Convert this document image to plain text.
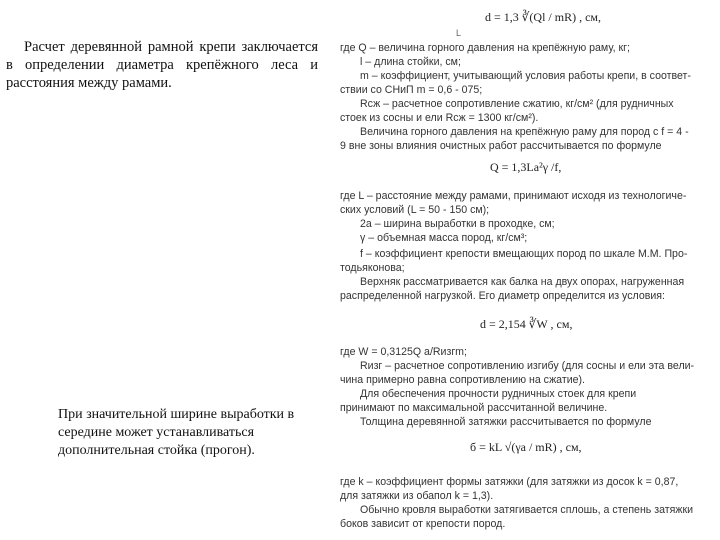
Расчет деревянной рамной крепи заключается в определении диаметра крепёжного леса и расстояния между рамами.
При значительной ширине выработки в середине может устанавливаться дополнительная стойка (прогон).
d = 1,3 ∛(Ql / mR) , см,
L
где Q – величина горного давления на крепёжную раму, кг;
l – длина стойки, см;
m – коэффициент, учитывающий условия работы крепи, в соответ-
ствии со СНиП m = 0,6 - 075;
Rсж – расчетное сопротивление сжатию, кг/см² (для рудничных
стоек из сосны и ели Rсж = 1300 кг/см²).
Величина горного давления на крепёжную раму для пород с f = 4 -
9 вне зоны влияния очистных работ рассчитывается по формуле
Q = 1,3La²γ /f,
где L – расстояние между рамами, принимают исходя из технологиче-
ских условий (L = 50 - 150 см);
2a – ширина выработки в проходке, см;
γ – объемная масса пород, кг/см³;
f – коэффициент крепости вмещающих пород по шкале М.М. Про-
тодьяконова;
Верхняк рассматривается как балка на двух опорах, нагруженная
распределенной нагрузкой. Его диаметр определится из условия:
d = 2,154 ∛W , см,
где W = 0,3125Q a/Rизгm;
Rизг – расчетное сопротивлению изгибу (для сосны и ели эта вели-
чина примерно равна сопротивлению на сжатие).
Для обеспечения прочности рудничных стоек для крепи
принимают по максимальной рассчитанной величине.
Толщина деревянной затяжки рассчитывается по формуле
б = kL √(γa / mR) , см,
где k – коэффициент формы затяжки (для затяжки из досок k = 0,87,
для затяжки из обапол k = 1,3).
Обычно кровля выработки затягивается сплошь, а степень затяжки
боков зависит от крепости пород.
